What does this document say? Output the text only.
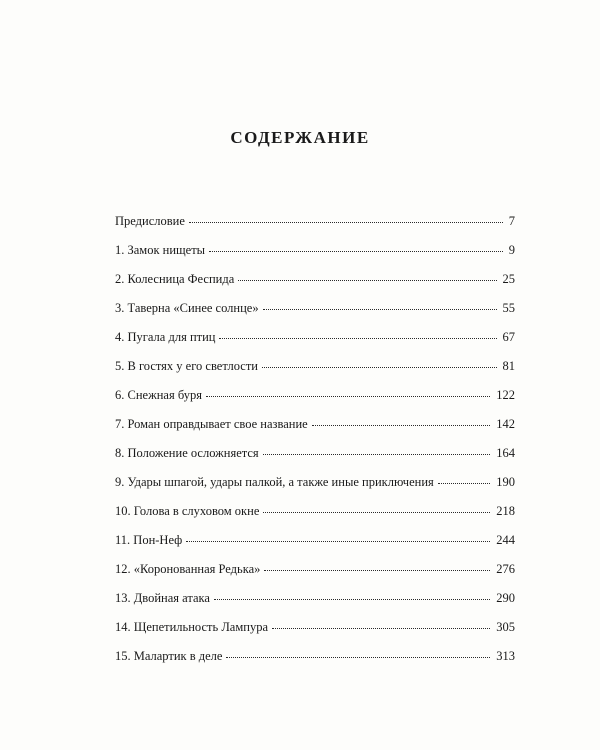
СОДЕРЖАНИЕ
Предисловие	7
1. Замок нищеты	9
2. Колесница Феспида	25
3. Таверна «Синее солнце»	55
4. Пугала для птиц	67
5. В гостях у его светлости	81
6. Снежная буря	122
7. Роман оправдывает свое название	142
8. Положение осложняется	164
9. Удары шпагой, удары палкой, а также иные приключения	190
10. Голова в слуховом окне	218
11. Пон-Неф	244
12. «Коронованная Редька»	276
13. Двойная атака	290
14. Щепетильность Лампура	305
15. Малартик в деле	313
